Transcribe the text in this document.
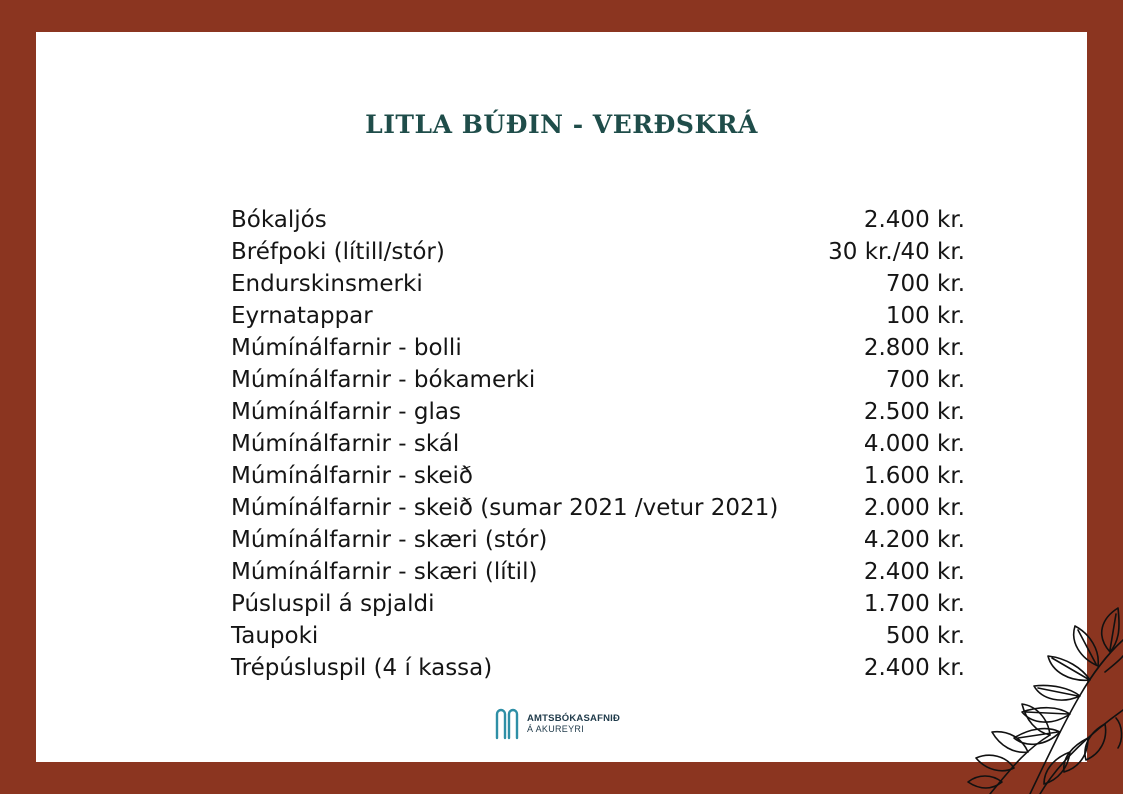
LITLA BÚÐIN - VERÐSKRÁ
Bókaljós	2.400 kr.
Bréfpoki (lítill/stór)	30 kr./40 kr.
Endurskinsmerki	700 kr.
Eyrnatappar	100 kr.
Múmínálfarnir - bolli	2.800 kr.
Múmínálfarnir - bókamerki	700 kr.
Múmínálfarnir - glas	2.500 kr.
Múmínálfarnir - skál	4.000 kr.
Múmínálfarnir - skeið	1.600 kr.
Múmínálfarnir - skeið (sumar 2021 /vetur 2021)	2.000 kr.
Múmínálfarnir - skæri (stór)	4.200 kr.
Múmínálfarnir - skæri (lítil)	2.400 kr.
Púsluspil á spjaldi	1.700 kr.
Taupoki	500 kr.
Trépúsluspil (4 í kassa)	2.400 kr.
AMTSBÓKASAFNIÐ
Á AKUREYRI
